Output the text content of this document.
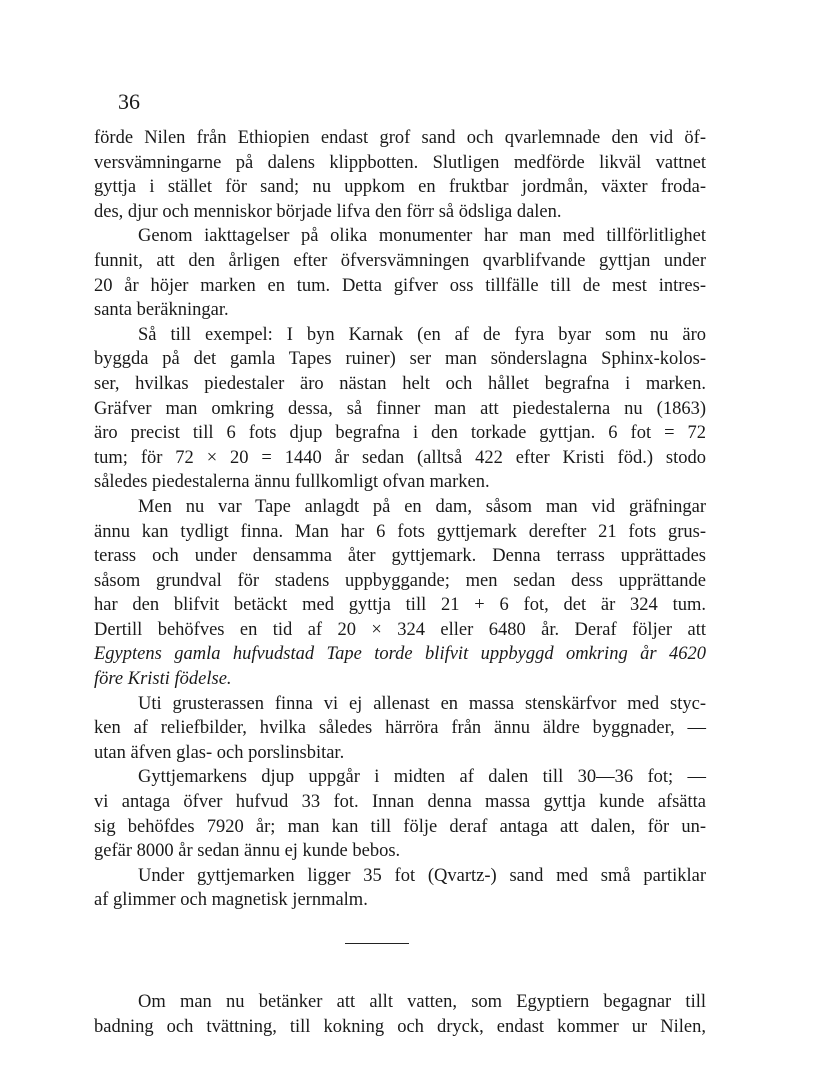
36

förde Nilen från Ethiopien endast grof sand och qvarlemnade den vid öf-
versvämningarne på dalens klippbotten. Slutligen medförde likväl vattnet
gyttja i stället för sand; nu uppkom en fruktbar jordmån, växter froda-
des, djur och menniskor började lifva den förr så ödsliga dalen.

Genom iakttagelser på olika monumenter har man med tillförlitlighet
funnit, att den årligen efter öfversvämningen qvarblifvande gyttjan under
20 år höjer marken en tum. Detta gifver oss tillfälle till de mest intres-
santa beräkningar.

Så till exempel: I byn Karnak (en af de fyra byar som nu äro
byggda på det gamla Tapes ruiner) ser man sönderslagna Sphinx-kolos-
ser, hvilkas piedestaler äro nästan helt och hållet begrafna i marken.
Gräfver man omkring dessa, så finner man att piedestalerna nu (1863)
äro precist till 6 fots djup begrafna i den torkade gyttjan. 6 fot = 72
tum; för 72 × 20 = 1440 år sedan (alltså 422 efter Kristi föd.) stodo
således piedestalerna ännu fullkomligt ofvan marken.

Men nu var Tape anlagdt på en dam, såsom man vid gräfningar
ännu kan tydligt finna. Man har 6 fots gyttjemark derefter 21 fots grus-
terass och under densamma åter gyttjemark. Denna terrass upprättades
såsom grundval för stadens uppbyggande; men sedan dess upprättande
har den blifvit betäckt med gyttja till 21 + 6 fot, det är 324 tum.
Dertill behöfves en tid af 20 × 324 eller 6480 år. Deraf följer att
Egyptens gamla hufvudstad Tape torde blifvit uppbyggd omkring år 4620
före Kristi födelse.

Uti grusterassen finna vi ej allenast en massa stenskärfvor med styc-
ken af reliefbilder, hvilka således härröra från ännu äldre byggnader, —
utan äfven glas- och porslinsbitar.

Gyttjemarkens djup uppgår i midten af dalen till 30—36 fot; —
vi antaga öfver hufvud 33 fot. Innan denna massa gyttja kunde afsätta
sig behöfdes 7920 år; man kan till följe deraf antaga att dalen, för un-
gefär 8000 år sedan ännu ej kunde bebos.

Under gyttjemarken ligger 35 fot (Qvartz-) sand med små partiklar
af glimmer och magnetisk jernmalm.

Om man nu betänker att allt vatten, som Egyptiern begagnar till
badning och tvättning, till kokning och dryck, endast kommer ur Nilen,
